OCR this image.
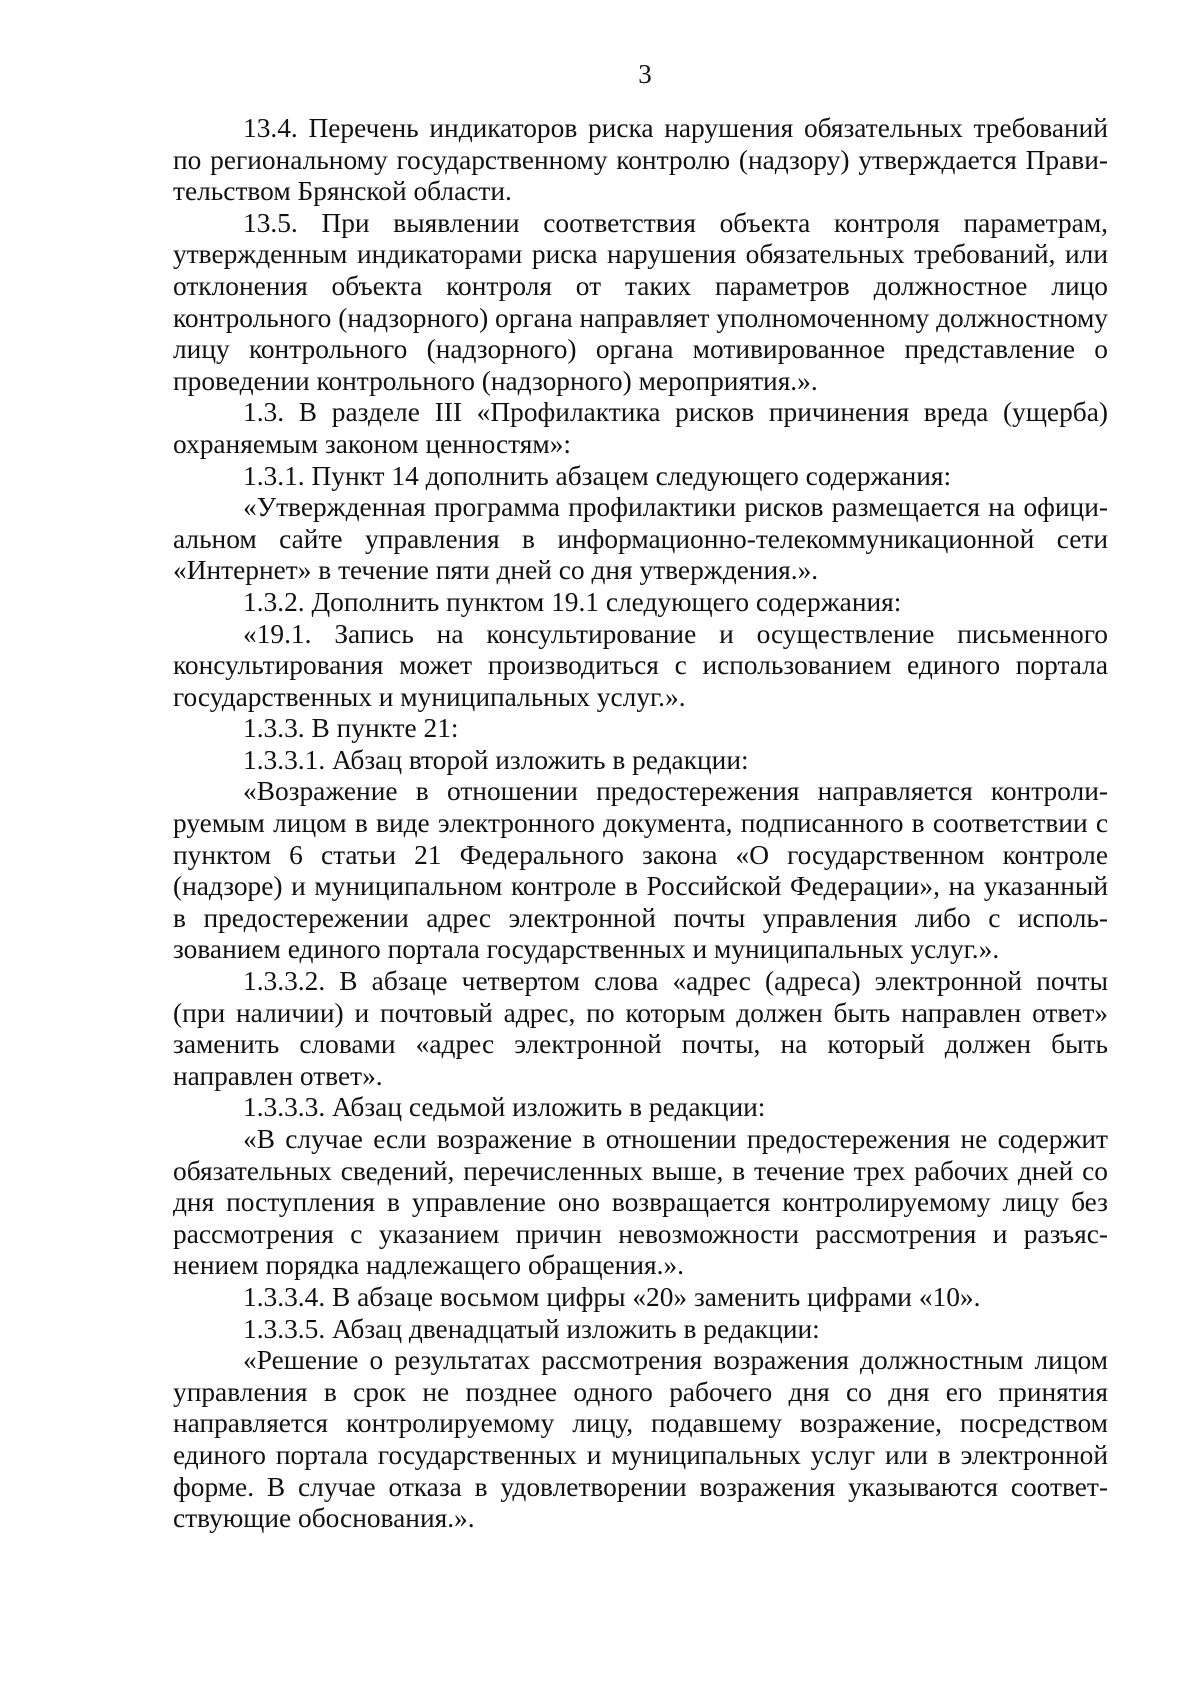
3

13.4. Перечень индикаторов риска нарушения обязательных требований по региональному государственному контролю (надзору) утверждается Правительством Брянской области.

13.5. При выявлении соответствия объекта контроля параметрам, утвержденным индикаторами риска нарушения обязательных требований, или отклонения объекта контроля от таких параметров должностное лицо контрольного (надзорного) органа направляет уполномоченному должностному лицу контрольного (надзорного) органа мотивированное представление о проведении контрольного (надзорного) мероприятия.».

1.3. В разделе III «Профилактика рисков причинения вреда (ущерба) охраняемым законом ценностям»:

1.3.1. Пункт 14 дополнить абзацем следующего содержания:

«Утвержденная программа профилактики рисков размещается на официальном сайте управления в информационно-телекоммуникационной сети «Интернет» в течение пяти дней со дня утверждения.».

1.3.2. Дополнить пунктом 19.1 следующего содержания:

«19.1. Запись на консультирование и осуществление письменного консультирования может производиться с использованием единого портала государственных и муниципальных услуг.».

1.3.3. В пункте 21:

1.3.3.1. Абзац второй изложить в редакции:

«Возражение в отношении предостережения направляется контролируемым лицом в виде электронного документа, подписанного в соответствии с пунктом 6 статьи 21 Федерального закона «О государственном контроле (надзоре) и муниципальном контроле в Российской Федерации», на указанный в предостережении адрес электронной почты управления либо с использованием единого портала государственных и муниципальных услуг.».

1.3.3.2. В абзаце четвертом слова «адрес (адреса) электронной почты (при наличии) и почтовый адрес, по которым должен быть направлен ответ» заменить словами «адрес электронной почты, на который должен быть направлен ответ».

1.3.3.3. Абзац седьмой изложить в редакции:

«В случае если возражение в отношении предостережения не содержит обязательных сведений, перечисленных выше, в течение трех рабочих дней со дня поступления в управление оно возвращается контролируемому лицу без рассмотрения с указанием причин невозможности рассмотрения и разъяснением порядка надлежащего обращения.».

1.3.3.4. В абзаце восьмом цифры «20» заменить цифрами «10».

1.3.3.5. Абзац двенадцатый изложить в редакции:

«Решение о результатах рассмотрения возражения должностным лицом управления в срок не позднее одного рабочего дня со дня его принятия направляется контролируемому лицу, подавшему возражение, посредством единого портала государственных и муниципальных услуг или в электронной форме. В случае отказа в удовлетворении возражения указываются соответствующие обоснования.».
